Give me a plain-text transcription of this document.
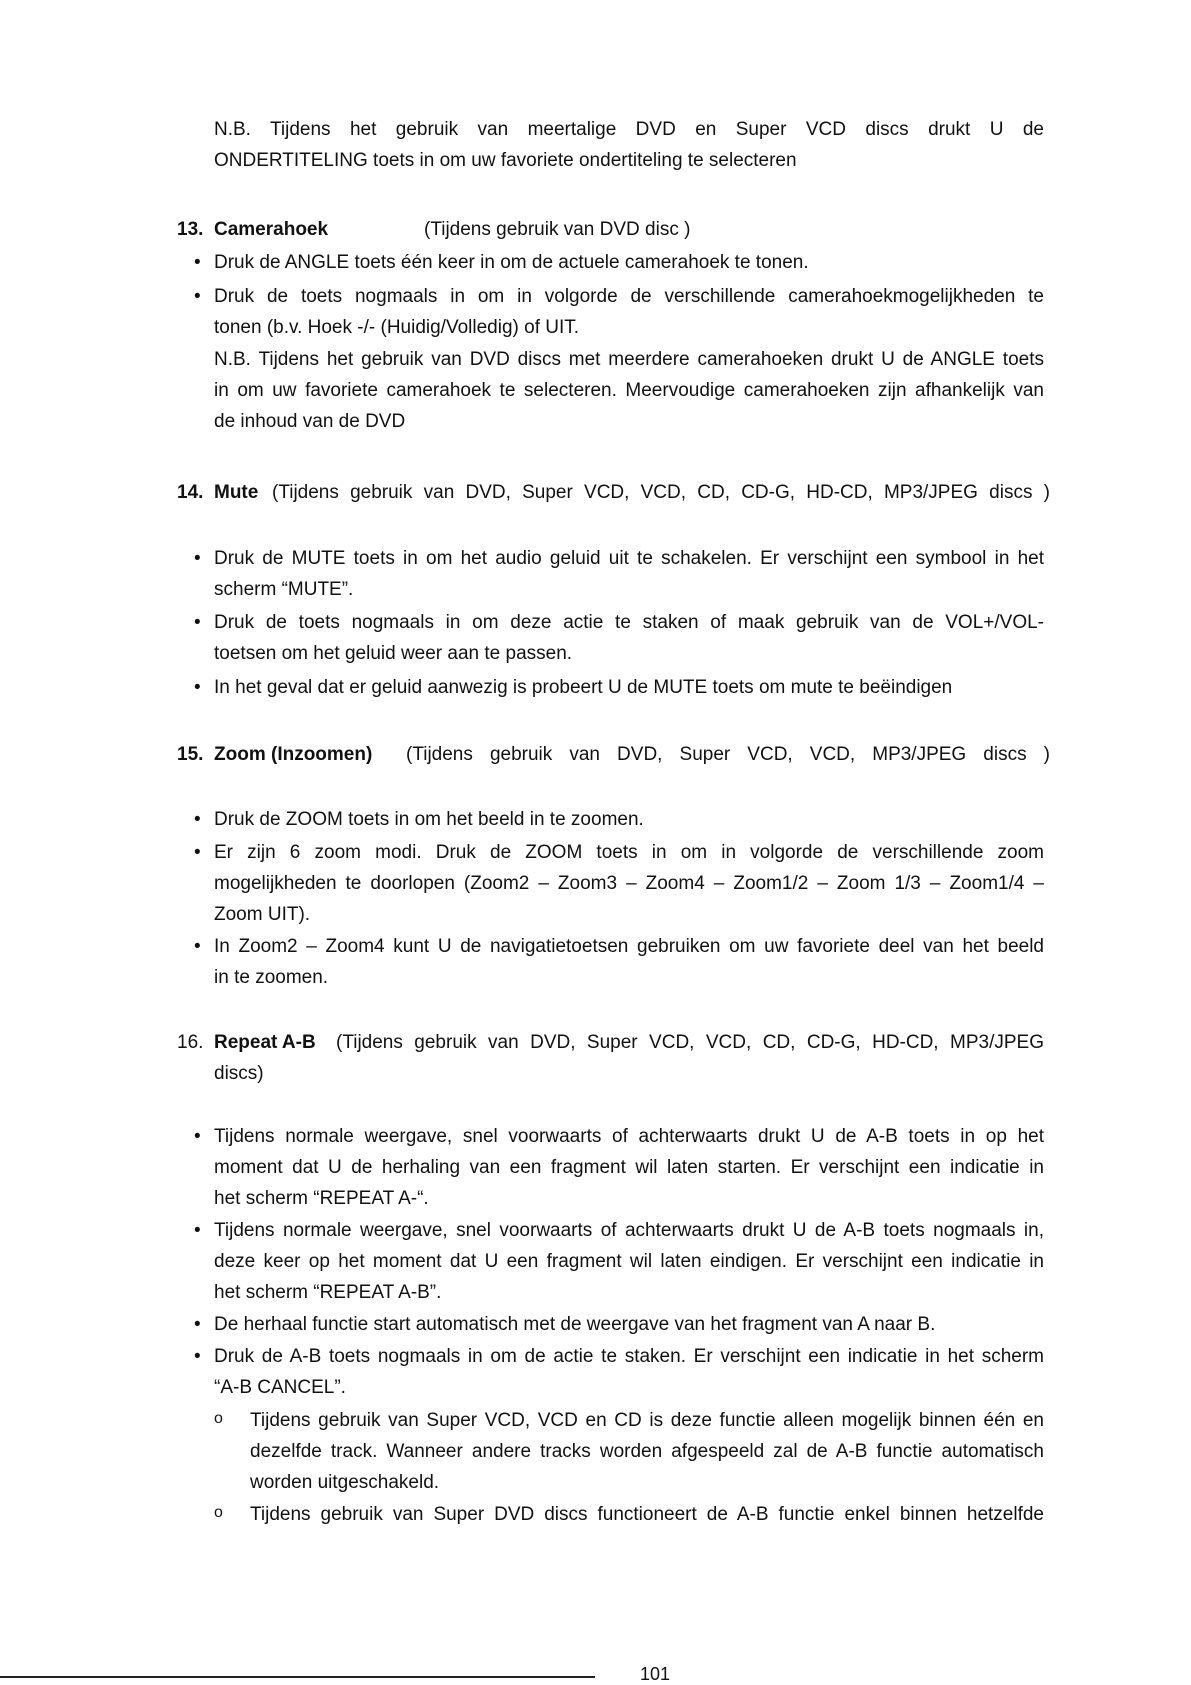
N.B. Tijdens het gebruik van meertalige DVD en Super VCD discs drukt U de
ONDERTITELING toets in om uw favoriete ondertiteling te selecteren
13. Camerahoek	(Tijdens gebruik van DVD disc )
• Druk de ANGLE toets één keer in om de actuele camerahoek te tonen.
• Druk de toets nogmaals in om in volgorde de verschillende camerahoekmogelijkheden te
tonen (b.v. Hoek -/- (Huidig/Volledig) of UIT.
N.B. Tijdens het gebruik van DVD discs met meerdere camerahoeken drukt U de ANGLE toets
in om uw favoriete camerahoek te selecteren. Meervoudige camerahoeken zijn afhankelijk van
de inhoud van de DVD
14. Mute (Tijdens gebruik van DVD, Super VCD, VCD, CD, CD-G, HD-CD, MP3/JPEG discs )
• Druk de MUTE toets in om het audio geluid uit te schakelen. Er verschijnt een symbool in het
scherm “MUTE”.
• Druk de toets nogmaals in om deze actie te staken of maak gebruik van de VOL+/VOL-
toetsen om het geluid weer aan te passen.
• In het geval dat er geluid aanwezig is probeert U de MUTE toets om mute te beëindigen
15. Zoom (Inzoomen) (Tijdens gebruik van DVD, Super VCD, VCD, MP3/JPEG discs )
• Druk de ZOOM toets in om het beeld in te zoomen.
• Er zijn 6 zoom modi. Druk de ZOOM toets in om in volgorde de verschillende zoom
mogelijkheden te doorlopen (Zoom2 – Zoom3 – Zoom4 – Zoom1/2 – Zoom 1/3 – Zoom1/4 –
Zoom UIT).
• In Zoom2 – Zoom4 kunt U de navigatietoetsen gebruiken om uw favoriete deel van het beeld
in te zoomen.
16. Repeat A-B (Tijdens gebruik van DVD, Super VCD, VCD, CD, CD-G, HD-CD, MP3/JPEG
discs)
• Tijdens normale weergave, snel voorwaarts of achterwaarts drukt U de A-B toets in op het
moment dat U de herhaling van een fragment wil laten starten. Er verschijnt een indicatie in
het scherm “REPEAT A-“.
• Tijdens normale weergave, snel voorwaarts of achterwaarts drukt U de A-B toets nogmaals in,
deze keer op het moment dat U een fragment wil laten eindigen. Er verschijnt een indicatie in
het scherm “REPEAT A-B”.
• De herhaal functie start automatisch met de weergave van het fragment van A naar B.
• Druk de A-B toets nogmaals in om de actie te staken. Er verschijnt een indicatie in het scherm
“A-B CANCEL”.
o Tijdens gebruik van Super VCD, VCD en CD is deze functie alleen mogelijk binnen één en
dezelfde track. Wanneer andere tracks worden afgespeeld zal de A-B functie automatisch
worden uitgeschakeld.
o Tijdens gebruik van Super DVD discs functioneert de A-B functie enkel binnen hetzelfde
101
